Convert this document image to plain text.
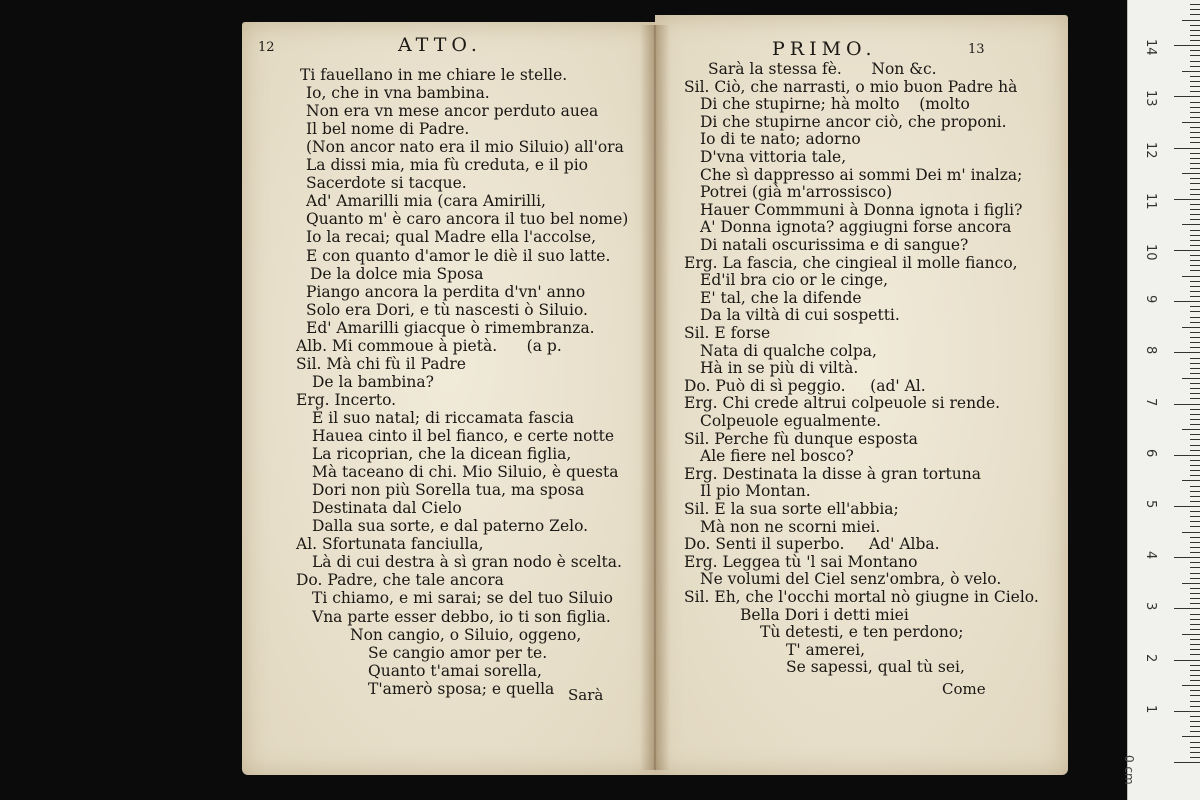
Ti fauellano in me chiare le stelle.
Io, che in vna bambina.
Non era vn mese ancor perduto auea
Il bel nome di Padre.
(Non ancor nato era il mio Siluio) all'ora
La dissi mia, mia fù creduta, e il pio
Sacerdote si tacque.
Ad' Amarilli mia (cara Amirilli,
Quanto m' è caro ancora il tuo bel nome)
Io la recai; qual Madre ella l'accolse,
E con quanto d'amor le diè il suo latte.
De la dolce mia Sposa
Piango ancora la perdita d'vn' anno
Solo era Dori, e tù nascesti ò Siluio.
Ed' Amarilli giacque ò rimembranza.
Alb. Mi commoue à pietà.      (a p.
Sil. Mà chi fù il Padre
De la bambina?
Erg. Incerto.
È il suo natal; di riccamata fascia
Hauea cinto il bel fianco, e certe notte
La ricoprian, che la dicean figlia,
Mà taceano di chi. Mio Siluio, è questa
Dori non più Sorella tua, ma sposa
Destinata dal Cielo
Dalla sua sorte, e dal paterno Zelo.
Al. Sfortunata fanciulla,
Là di cui destra à sì gran nodo è scelta.
Do. Padre, che tale ancora
Ti chiamo, e mi sarai; se del tuo Siluio
Vna parte esser debbo, io ti son figlia.
Non cangio, o Siluio, oggeno,
Se cangio amor per te.
Quanto t'amai sorella,
T'amerò sposa; e quella
Sarà la stessa fè.      Non &c.
Sil. Ciò, che narrasti, o mio buon Padre hà
Di che stupirne; hà molto    (molto
Di che stupirne ancor ciò, che proponi.
Io di te nato; adorno
D'vna vittoria tale,
Che sì dappresso ai sommi Dei m' inalza;
Potrei (già m'arrossisco)
Hauer Commmuni à Donna ignota i figli?
A' Donna ignota? aggiugni forse ancora
Di natali oscurissima e di sangue?
Erg. La fascia, che cingieal il molle fianco,
Ed'il bra cio or le cinge,
E' tal, che la difende
Da la viltà di cui sospetti.
Sil. E forse
Nata di qualche colpa,
Hà in se più di viltà.
Do. Può di sì peggio.     (ad' Al.
Erg. Chi crede altrui colpeuole si rende.
Colpeuole egualmente.
Sil. Perche fù dunque esposta
Ale fiere nel bosco?
Erg. Destinata la disse à gran tortuna
Il pio Montan.
Sil. E la sua sorte ell'abbia;
Mà non ne scorni miei.
Do. Senti il superbo.     Ad' Alba.
Erg. Leggea tù 'l sai Montano
Ne volumi del Ciel senz'ombra, ò velo.
Sil. Eh, che l'occhi mortal nò giugne in Cielo.
Bella Dori i detti miei
Tù detesti, e ten perdono;
T' amerei,
Se sapessi, qual tù sei,
12	ATTO.	PRIMO.	13
Sarà	Come
0 cm
1
2
3
4
5
6
7
8
9
10
11
12
13
14
